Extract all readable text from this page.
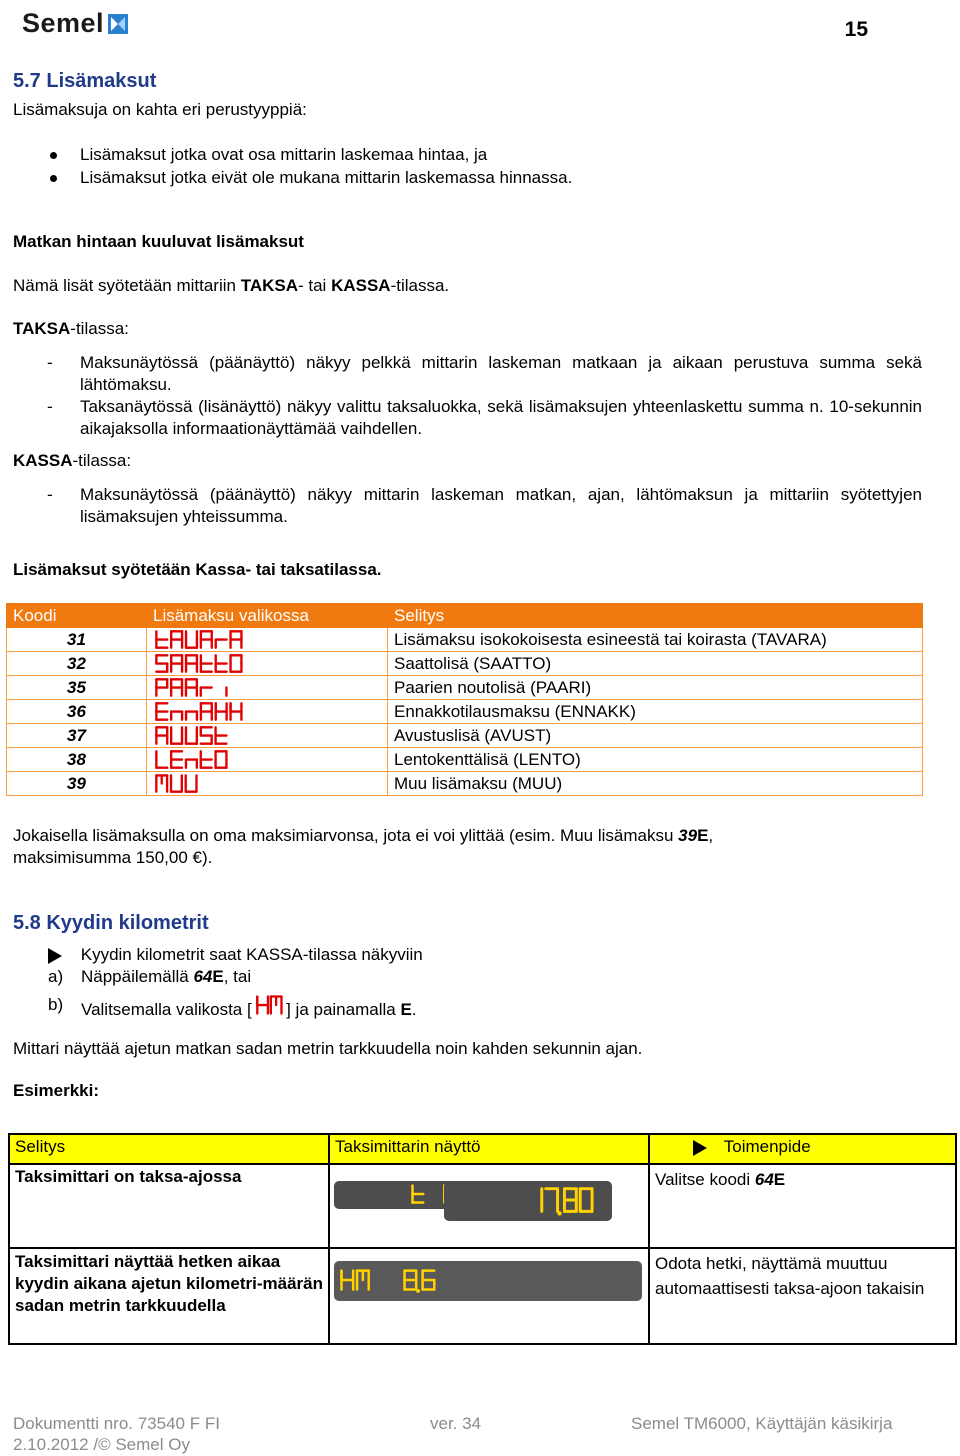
Semel	15
5.7 Lisämaksut
Lisämaksuja on kahta eri perustyyppiä:
Lisämaksut jotka ovat osa mittarin laskemaa hintaa, ja
Lisämaksut jotka eivät ole mukana mittarin laskemassa hinnassa.
Matkan hintaan kuuluvat lisämaksut
Nämä lisät syötetään mittariin TAKSA- tai KASSA-tilassa.
TAKSA-tilassa:
- Maksunäytössä (päänäyttö) näkyy pelkkä mittarin laskeman matkaan ja aikaan perustuva summa sekä lähtömaksu.
- Taksanäytössä (lisänäyttö) näkyy valittu taksaluokka, sekä lisämaksujen yhteenlaskettu summa n. 10-sekunnin aikajaksolla informaationäyttämää vaihdellen.
KASSA-tilassa:
- Maksunäytössä (päänäyttö) näkyy mittarin laskeman matkan, ajan, lähtömaksun ja mittariin syötettyjen lisämaksujen yhteissumma.
Lisämaksut syötetään Kassa- tai taksatilassa.
Koodi	Lisämaksu valikossa	Selitys
31		Lisämaksu isokokoisesta esineestä tai koirasta (TAVARA)
32		Saattolisä (SAATTO)
35		Paarien noutolisä (PAARI)
36		Ennakkotilausmaksu (ENNAKK)
37		Avustuslisä (AVUST)
38		Lentokenttälisä (LENTO)
39		Muu lisämaksu (MUU)
Jokaisella lisämaksulla on oma maksimiarvonsa, jota ei voi ylittää (esim. Muu lisämaksu 39E,
maksimisumma 150,00 €).
5.8 Kyydin kilometrit
Kyydin kilometrit saat KASSA-tilassa näkyviin
a) Näppäilemällä 64E, tai
b) Valitsemalla valikosta [ ] ja painamalla E.
Mittari näyttää ajetun matkan sadan metrin tarkkuudella noin kahden sekunnin ajan.
Esimerkki:
Selitys	Taksimittarin näyttö	Toimenpide
Taksimittari on taksa-ajossa		Valitse koodi 64E

Taksimittari näyttää hetken aikaa kyydin aikana ajetun kilometri-määrän sadan metrin tarkkuudella		Odota hetki, näyttämä muuttuu automaattisesti taksa-ajoon takaisin
Dokumentti nro. 73540 F FI	ver. 34	Semel TM6000, Käyttäjän käsikirja
2.10.2012 /© Semel Oy
